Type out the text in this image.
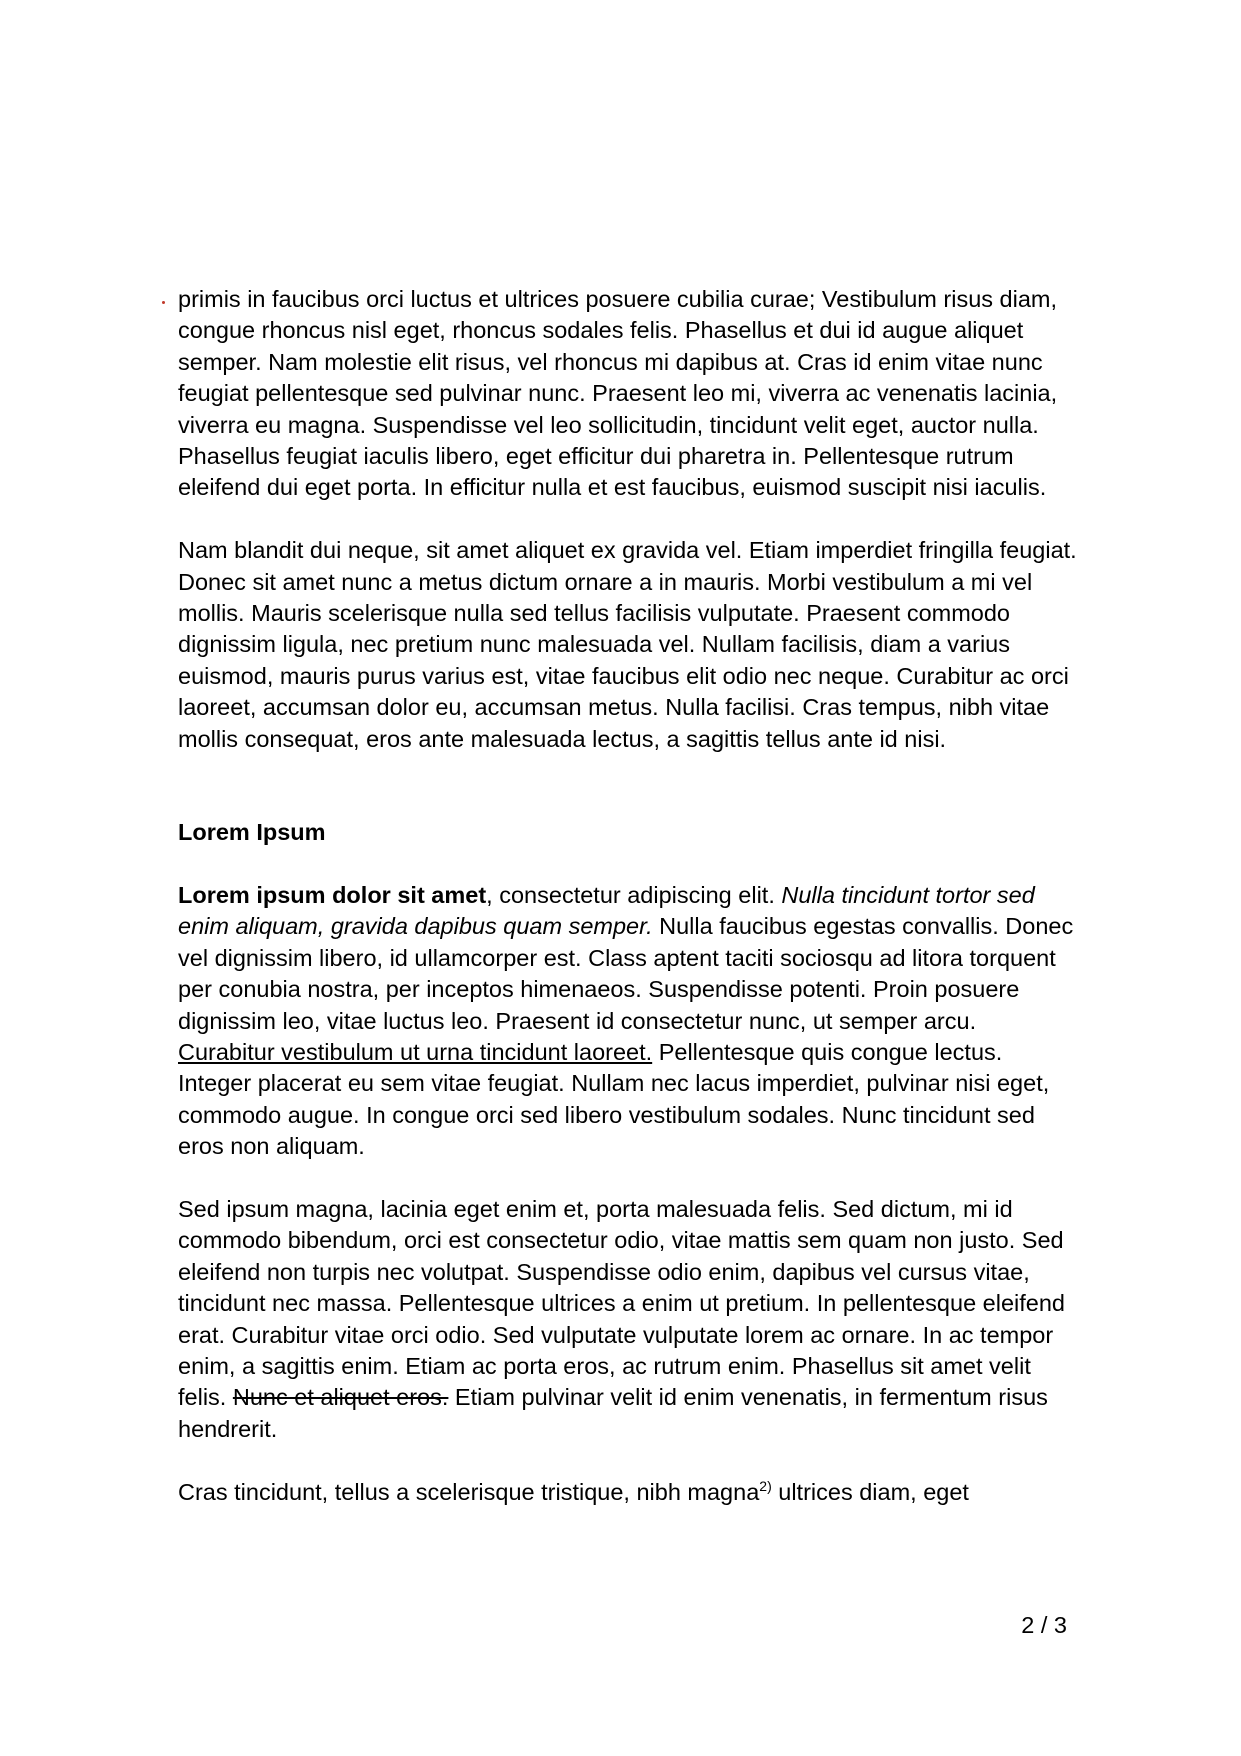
primis in faucibus orci luctus et ultrices posuere cubilia curae; Vestibulum risus diam, congue rhoncus nisl eget, rhoncus sodales felis. Phasellus et dui id augue aliquet semper. Nam molestie elit risus, vel rhoncus mi dapibus at. Cras id enim vitae nunc feugiat pellentesque sed pulvinar nunc. Praesent leo mi, viverra ac venenatis lacinia, viverra eu magna. Suspendisse vel leo sollicitudin, tincidunt velit eget, auctor nulla. Phasellus feugiat iaculis libero, eget efficitur dui pharetra in. Pellentesque rutrum eleifend dui eget porta. In efficitur nulla et est faucibus, euismod suscipit nisi iaculis.

Nam blandit dui neque, sit amet aliquet ex gravida vel. Etiam imperdiet fringilla feugiat. Donec sit amet nunc a metus dictum ornare a in mauris. Morbi vestibulum a mi vel mollis. Mauris scelerisque nulla sed tellus facilisis vulputate. Praesent commodo dignissim ligula, nec pretium nunc malesuada vel. Nullam facilisis, diam a varius euismod, mauris purus varius est, vitae faucibus elit odio nec neque. Curabitur ac orci laoreet, accumsan dolor eu, accumsan metus. Nulla facilisi. Cras tempus, nibh vitae mollis consequat, eros ante malesuada lectus, a sagittis tellus ante id nisi.

Lorem Ipsum

Lorem ipsum dolor sit amet, consectetur adipiscing elit. Nulla tincidunt tortor sed enim aliquam, gravida dapibus quam semper. Nulla faucibus egestas convallis. Donec vel dignissim libero, id ullamcorper est. Class aptent taciti sociosqu ad litora torquent per conubia nostra, per inceptos himenaeos. Suspendisse potenti. Proin posuere dignissim leo, vitae luctus leo. Praesent id consectetur nunc, ut semper arcu. Curabitur vestibulum ut urna tincidunt laoreet. Pellentesque quis congue lectus. Integer placerat eu sem vitae feugiat. Nullam nec lacus imperdiet, pulvinar nisi eget, commodo augue. In congue orci sed libero vestibulum sodales. Nunc tincidunt sed eros non aliquam.

Sed ipsum magna, lacinia eget enim et, porta malesuada felis. Sed dictum, mi id commodo bibendum, orci est consectetur odio, vitae mattis sem quam non justo. Sed eleifend non turpis nec volutpat. Suspendisse odio enim, dapibus vel cursus vitae, tincidunt nec massa. Pellentesque ultrices a enim ut pretium. In pellentesque eleifend erat. Curabitur vitae orci odio. Sed vulputate vulputate lorem ac ornare. In ac tempor enim, a sagittis enim. Etiam ac porta eros, ac rutrum enim. Phasellus sit amet velit felis. Nunc et aliquet eros. Etiam pulvinar velit id enim venenatis, in fermentum risus hendrerit.

Cras tincidunt, tellus a scelerisque tristique, nibh magna$^{2)}$ ultrices diam, eget

2 / 3
